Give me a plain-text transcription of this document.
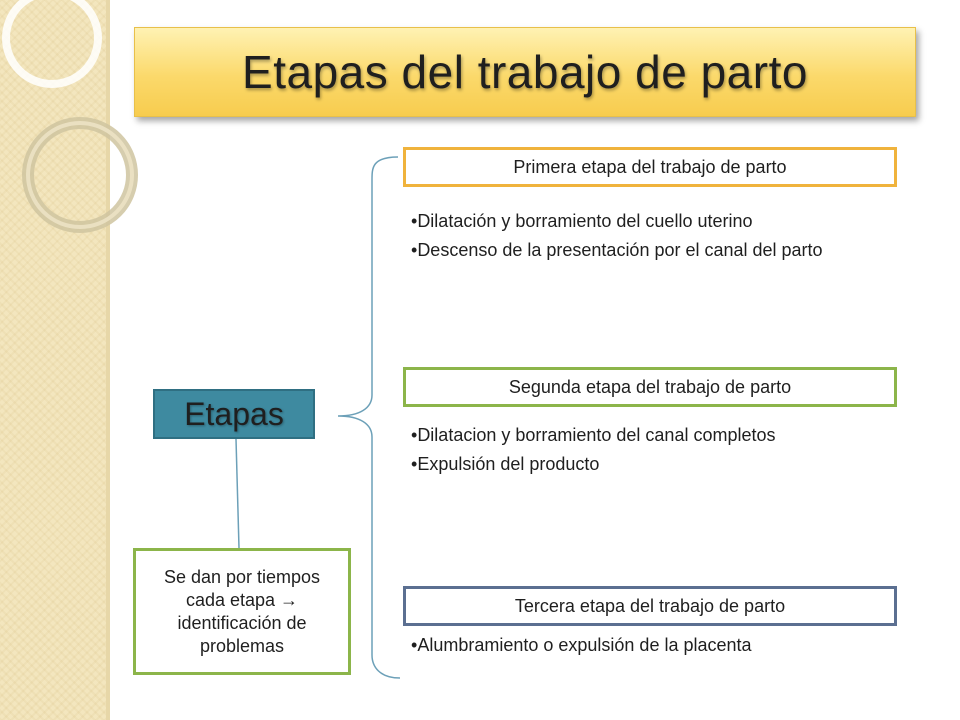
Etapas del trabajo de parto
Etapas
Se dan por tiempos
cada etapa →
identificación de
problemas
Primera etapa del trabajo de parto
• Dilatación y borramiento del cuello uterino
• Descenso de la presentación por el canal del parto
Segunda etapa del trabajo de parto
• Dilatacion y borramiento del canal completos
• Expulsión del producto
Tercera etapa del trabajo de parto
• Alumbramiento o expulsión de la placenta
